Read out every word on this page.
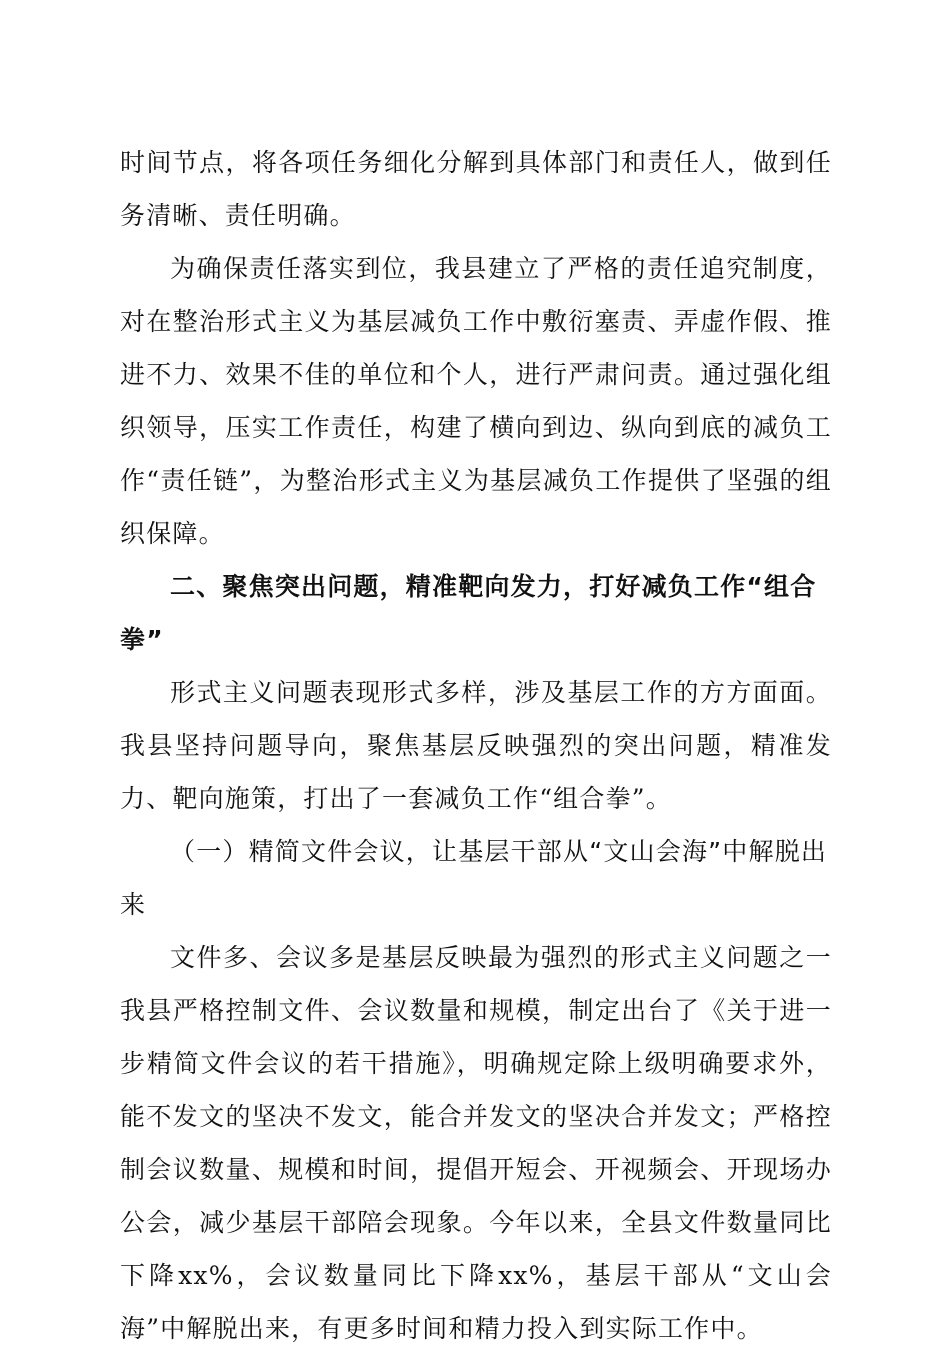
时间节点，将各项任务细化分解到具体部门和责任人，做到任务清晰、责任明确。

为确保责任落实到位，我县建立了严格的责任追究制度，对在整治形式主义为基层减负工作中敷衍塞责、弄虚作假、推进不力、效果不佳的单位和个人，进行严肃问责。通过强化组织领导，压实工作责任，构建了横向到边、纵向到底的减负工作“责任链”，为整治形式主义为基层减负工作提供了坚强的组织保障。

二、聚焦突出问题，精准靶向发力，打好减负工作“组合拳”

形式主义问题表现形式多样，涉及基层工作的方方面面。我县坚持问题导向，聚焦基层反映强烈的突出问题，精准发力、靶向施策，打出了一套减负工作“组合拳”。

（一）精简文件会议，让基层干部从“文山会海”中解脱出来

文件多、会议多是基层反映最为强烈的形式主义问题之一我县严格控制文件、会议数量和规模，制定出台了《关于进一步精简文件会议的若干措施》，明确规定除上级明确要求外，能不发文的坚决不发文，能合并发文的坚决合并发文；严格控制会议数量、规模和时间，提倡开短会、开视频会、开现场办公会，减少基层干部陪会现象。今年以来，全县文件数量同比下降xx%，会议数量同比下降xx%，基层干部从“文山会海”中解脱出来，有更多时间和精力投入到实际工作中。
